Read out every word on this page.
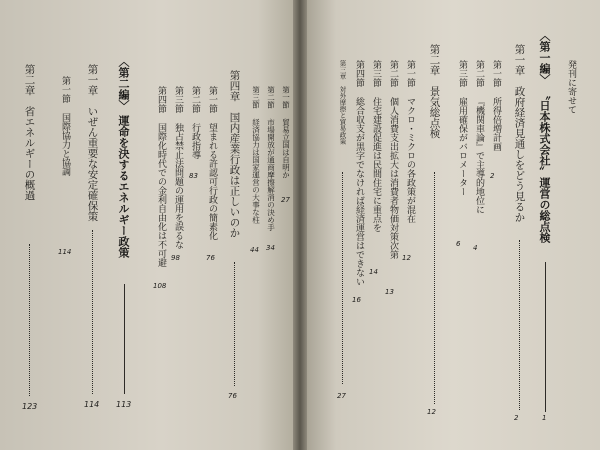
発刊に寄せて
〈第一編〉 〝日本株式会社〟運営の総点検
1
第一章　政府経済見通しをどう見るか
2
第一節所得倍増計画
2
第二節『機関車論』で主導的地位に
4
第三節雇用確保がバロメーター
6
第二章　景気総点検
12
第一節マクロ・ミクロの各政策が混在
12
第二節個人消費支出拡大は消費者物価対策次第
13
第三節住宅建設促進は民間住宅に重点を
14
第四節総合収支が黒字でなければ経済運営はできない
16
第三章　対外摩擦と貿易政策
27
第一節貿易立国は自明か
27
第二節市場開放が通商摩擦解消の決め手
34
第三節経済協力は国家運営の大事な柱
44
第四章　国内産業行政は正しいのか
76
第一節望まれる許認可行政の簡素化
76
第二節行政指導
83
第三節独占禁止法問題の運用を誤るな
98
第四節国際化時代での金利自由化は不可避
108
〈第二編〉 運命を決するエネルギー政策
113
第一章　いぜん重要な安定確保策
114
第一節国際協力と協調
114
第二章　省エネルギーの概過
123
